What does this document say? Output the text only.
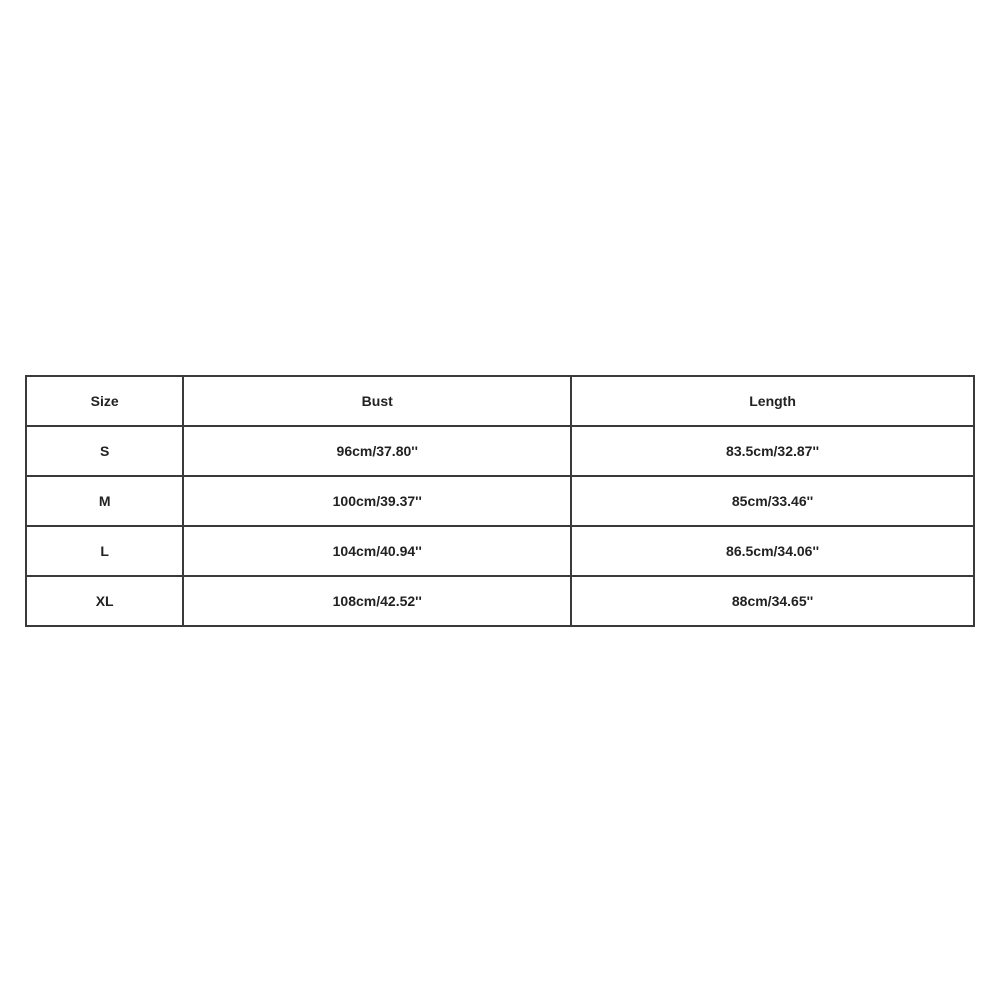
Size	Bust	Length
S	96cm/37.80''	83.5cm/32.87''
M	100cm/39.37''	85cm/33.46''
L	104cm/40.94''	86.5cm/34.06''
XL	108cm/42.52''	88cm/34.65''
